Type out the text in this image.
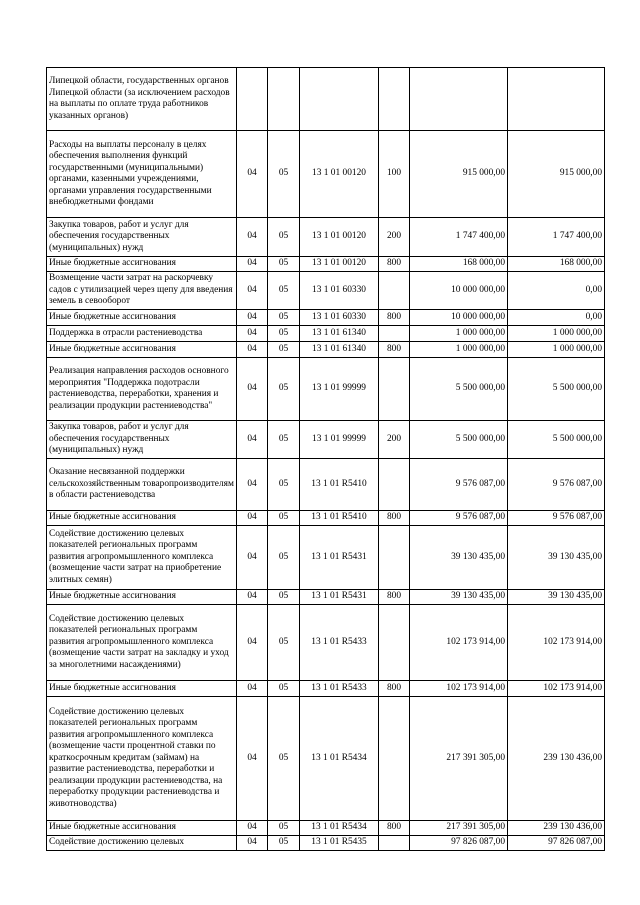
Липецкой области, государственных органов Липецкой области (за исключением расходов на выплаты по оплате труда работников указанных органов)						
Расходы на выплаты персоналу в целях обеспечения выполнения функций государственными (муниципальными) органами, казенными учреждениями, органами управления государственными внебюджетными фондами	04	05	13 1 01 00120	100	915 000,00	915 000,00
Закупка товаров, работ и услуг для обеспечения государственных (муниципальных) нужд	04	05	13 1 01 00120	200	1 747 400,00	1 747 400,00
Иные бюджетные ассигнования	04	05	13 1 01 00120	800	168 000,00	168 000,00
Возмещение части затрат на раскорчевку садов с утилизацией через щепу для введения земель в севооборот	04	05	13 1 01 60330		10 000 000,00	0,00
Иные бюджетные ассигнования	04	05	13 1 01 60330	800	10 000 000,00	0,00
Поддержка в отрасли растениеводства	04	05	13 1 01 61340		1 000 000,00	1 000 000,00
Иные бюджетные ассигнования	04	05	13 1 01 61340	800	1 000 000,00	1 000 000,00
Реализация направления расходов основного мероприятия "Поддержка подотрасли растениеводства, переработки, хранения и реализации продукции растениеводства"	04	05	13 1 01 99999		5 500 000,00	5 500 000,00
Закупка товаров, работ и услуг для обеспечения государственных (муниципальных) нужд	04	05	13 1 01 99999	200	5 500 000,00	5 500 000,00
Оказание несвязанной поддержки сельскохозяйственным товаропроизводителям в области растениеводства	04	05	13 1 01 R5410		9 576 087,00	9 576 087,00
Иные бюджетные ассигнования	04	05	13 1 01 R5410	800	9 576 087,00	9 576 087,00
Содействие достижению целевых показателей региональных программ развития агропромышленного комплекса (возмещение части затрат на приобретение элитных семян)	04	05	13 1 01 R5431		39 130 435,00	39 130 435,00
Иные бюджетные ассигнования	04	05	13 1 01 R5431	800	39 130 435,00	39 130 435,00
Содействие достижению целевых показателей региональных программ развития агропромышленного комплекса (возмещение части затрат на закладку и уход за многолетними насаждениями)	04	05	13 1 01 R5433		102 173 914,00	102 173 914,00
Иные бюджетные ассигнования	04	05	13 1 01 R5433	800	102 173 914,00	102 173 914,00
Содействие достижению целевых показателей региональных программ развития агропромышленного комплекса (возмещение части процентной ставки по краткосрочным кредитам (займам) на развитие растениеводства, переработки и реализации продукции растениеводства, на переработку продукции растениеводства и животноводства)	04	05	13 1 01 R5434		217 391 305,00	239 130 436,00
Иные бюджетные ассигнования	04	05	13 1 01 R5434	800	217 391 305,00	239 130 436,00
Содействие достижению целевых	04	05	13 1 01 R5435		97 826 087,00	97 826 087,00
